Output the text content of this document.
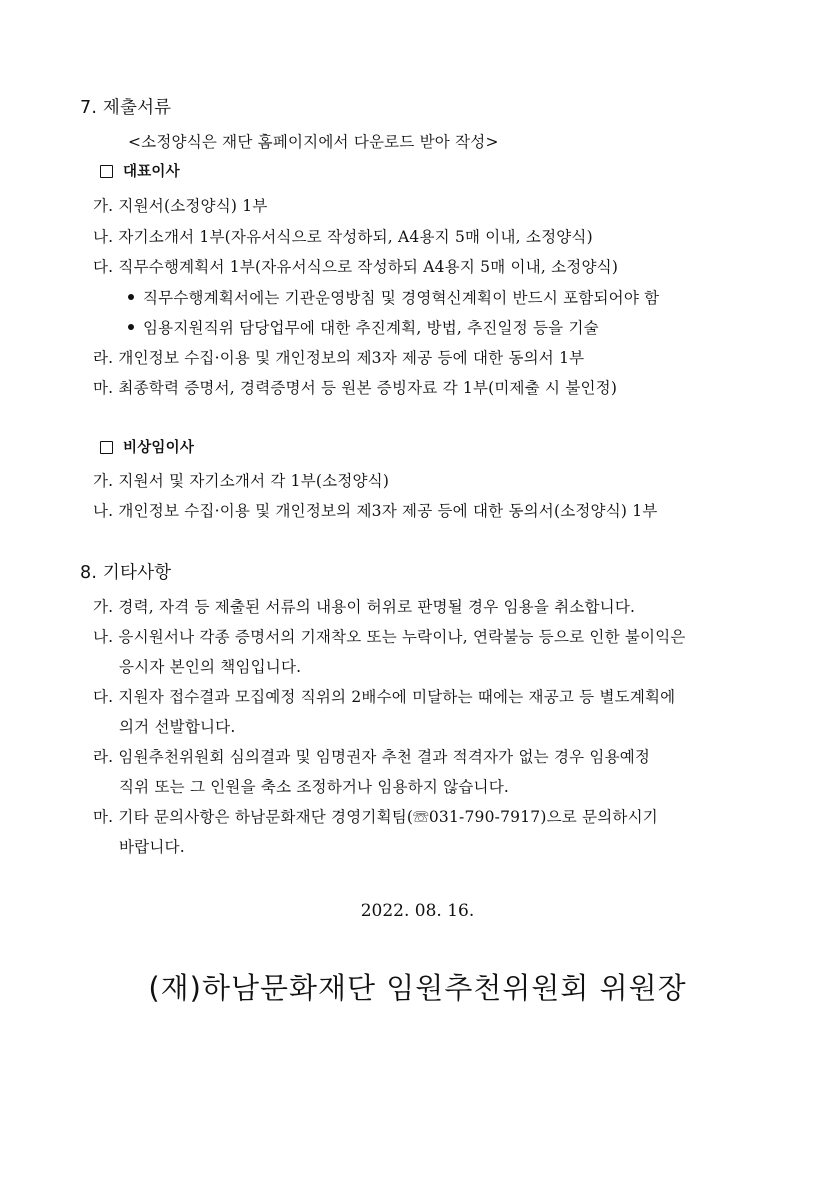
7. 제출서류
<소정양식은 재단 홈페이지에서 다운로드 받아 작성>
대표이사
가. 지원서(소정양식) 1부
나. 자기소개서 1부(자유서식으로 작성하되, A4용지 5매 이내, 소정양식)
다. 직무수행계획서 1부(자유서식으로 작성하되 A4용지 5매 이내, 소정양식)
직무수행계획서에는 기관운영방침 및 경영혁신계획이 반드시 포함되어야 함
임용지원직위 담당업무에 대한 추진계획, 방법, 추진일정 등을 기술
라. 개인정보 수집·이용 및 개인정보의 제3자 제공 등에 대한 동의서 1부
마. 최종학력 증명서, 경력증명서 등 원본 증빙자료 각 1부(미제출 시 불인정)
비상임이사
가. 지원서 및 자기소개서 각 1부(소정양식)
나. 개인정보 수집·이용 및 개인정보의 제3자 제공 등에 대한 동의서(소정양식) 1부
8. 기타사항
가. 경력, 자격 등 제출된 서류의 내용이 허위로 판명될 경우 임용을 취소합니다.
나. 응시원서나 각종 증명서의 기재착오 또는 누락이나, 연락불능 등으로 인한 불이익은
응시자 본인의 책임입니다.
다. 지원자 접수결과 모집예정 직위의 2배수에 미달하는 때에는 재공고 등 별도계획에
의거 선발합니다.
라. 임원추천위원회 심의결과 및 임명권자 추천 결과 적격자가 없는 경우 임용예정
직위 또는 그 인원을 축소 조정하거나 임용하지 않습니다.
마. 기타 문의사항은 하남문화재단 경영기획팀(☏031-790-7917)으로 문의하시기
바랍니다.
2022. 08. 16.
(재)하남문화재단 임원추천위원회 위원장
